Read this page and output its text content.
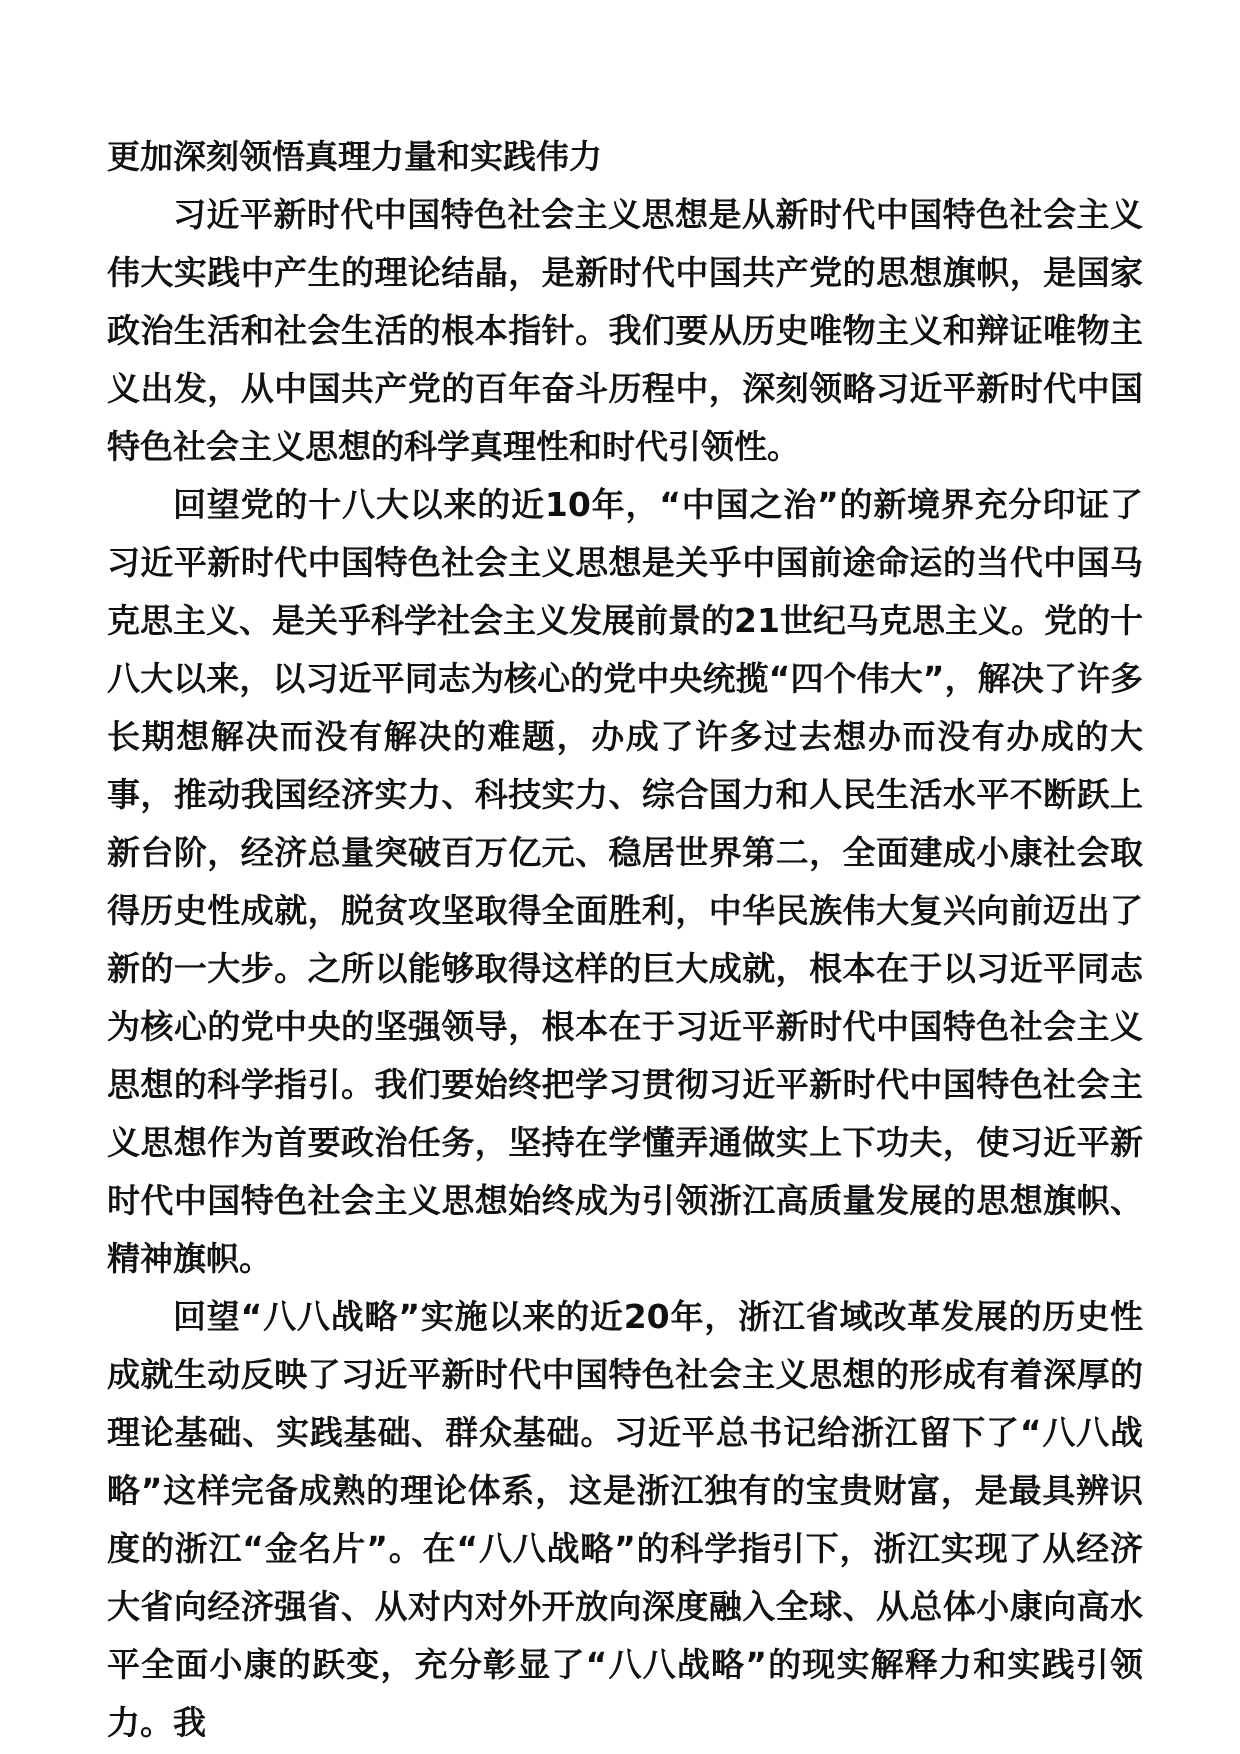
更加深刻领悟真理力量和实践伟力

习近平新时代中国特色社会主义思想是从新时代中国特色社会主义伟大实践中产生的理论结晶，是新时代中国共产党的思想旗帜，是国家政治生活和社会生活的根本指针。我们要从历史唯物主义和辩证唯物主义出发，从中国共产党的百年奋斗历程中，深刻领略习近平新时代中国特色社会主义思想的科学真理性和时代引领性。

回望党的十八大以来的近10年，“中国之治”的新境界充分印证了习近平新时代中国特色社会主义思想是关乎中国前途命运的当代中国马克思主义、是关乎科学社会主义发展前景的21世纪马克思主义。党的十八大以来，以习近平同志为核心的党中央统揽“四个伟大”，解决了许多长期想解决而没有解决的难题，办成了许多过去想办而没有办成的大事，推动我国经济实力、科技实力、综合国力和人民生活水平不断跃上新台阶，经济总量突破百万亿元、稳居世界第二，全面建成小康社会取得历史性成就，脱贫攻坚取得全面胜利，中华民族伟大复兴向前迈出了新的一大步。之所以能够取得这样的巨大成就，根本在于以习近平同志为核心的党中央的坚强领导，根本在于习近平新时代中国特色社会主义思想的科学指引。我们要始终把学习贯彻习近平新时代中国特色社会主义思想作为首要政治任务，坚持在学懂弄通做实上下功夫，使习近平新时代中国特色社会主义思想始终成为引领浙江高质量发展的思想旗帜、精神旗帜。

回望“八八战略”实施以来的近20年，浙江省域改革发展的历史性成就生动反映了习近平新时代中国特色社会主义思想的形成有着深厚的理论基础、实践基础、群众基础。习近平总书记给浙江留下了“八八战略”这样完备成熟的理论体系，这是浙江独有的宝贵财富，是最具辨识度的浙江“金名片”。在“八八战略”的科学指引下，浙江实现了从经济大省向经济强省、从对内对外开放向深度融入全球、从总体小康向高水平全面小康的跃变，充分彰显了“八八战略”的现实解释力和实践引领力。我
